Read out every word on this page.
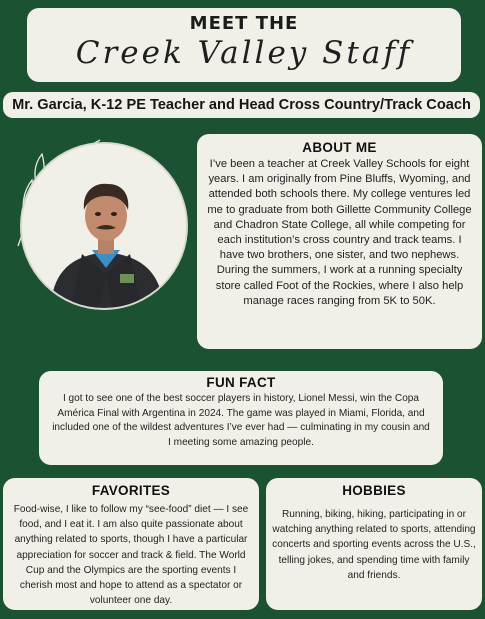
MEET THE
Creek Valley Staff
Mr. Garcia, K-12 PE Teacher and Head Cross Country/Track Coach
ABOUT ME

I’ve been a teacher at Creek Valley Schools for eight years. I am originally from Pine Bluffs, Wyoming, and attended both schools there. My college ventures led me to graduate from both Gillette Community College and Chadron State College, all while competing for each institution’s cross country and track teams. I have two brothers, one sister, and two nephews. During the summers, I work at a running specialty store called Foot of the Rockies, where I also help manage races ranging from 5K to 50K.

FUN FACT

I got to see one of the best soccer players in history, Lionel Messi, win the Copa América Final with Argentina in 2024. The game was played in Miami, Florida, and included one of the wildest adventures I’ve ever had — culminating in my cousin and I meeting some amazing people.

FAVORITES

Food-wise, I like to follow my “see-food” diet — I see food, and I eat it. I am also quite passionate about anything related to sports, though I have a particular appreciation for soccer and track & field. The World Cup and the Olympics are the sporting events I cherish most and hope to attend as a spectator or volunteer one day.

HOBBIES

Running, biking, hiking, participating in or watching anything related to sports, attending concerts and sporting events across the U.S., telling jokes, and spending time with family and friends.
